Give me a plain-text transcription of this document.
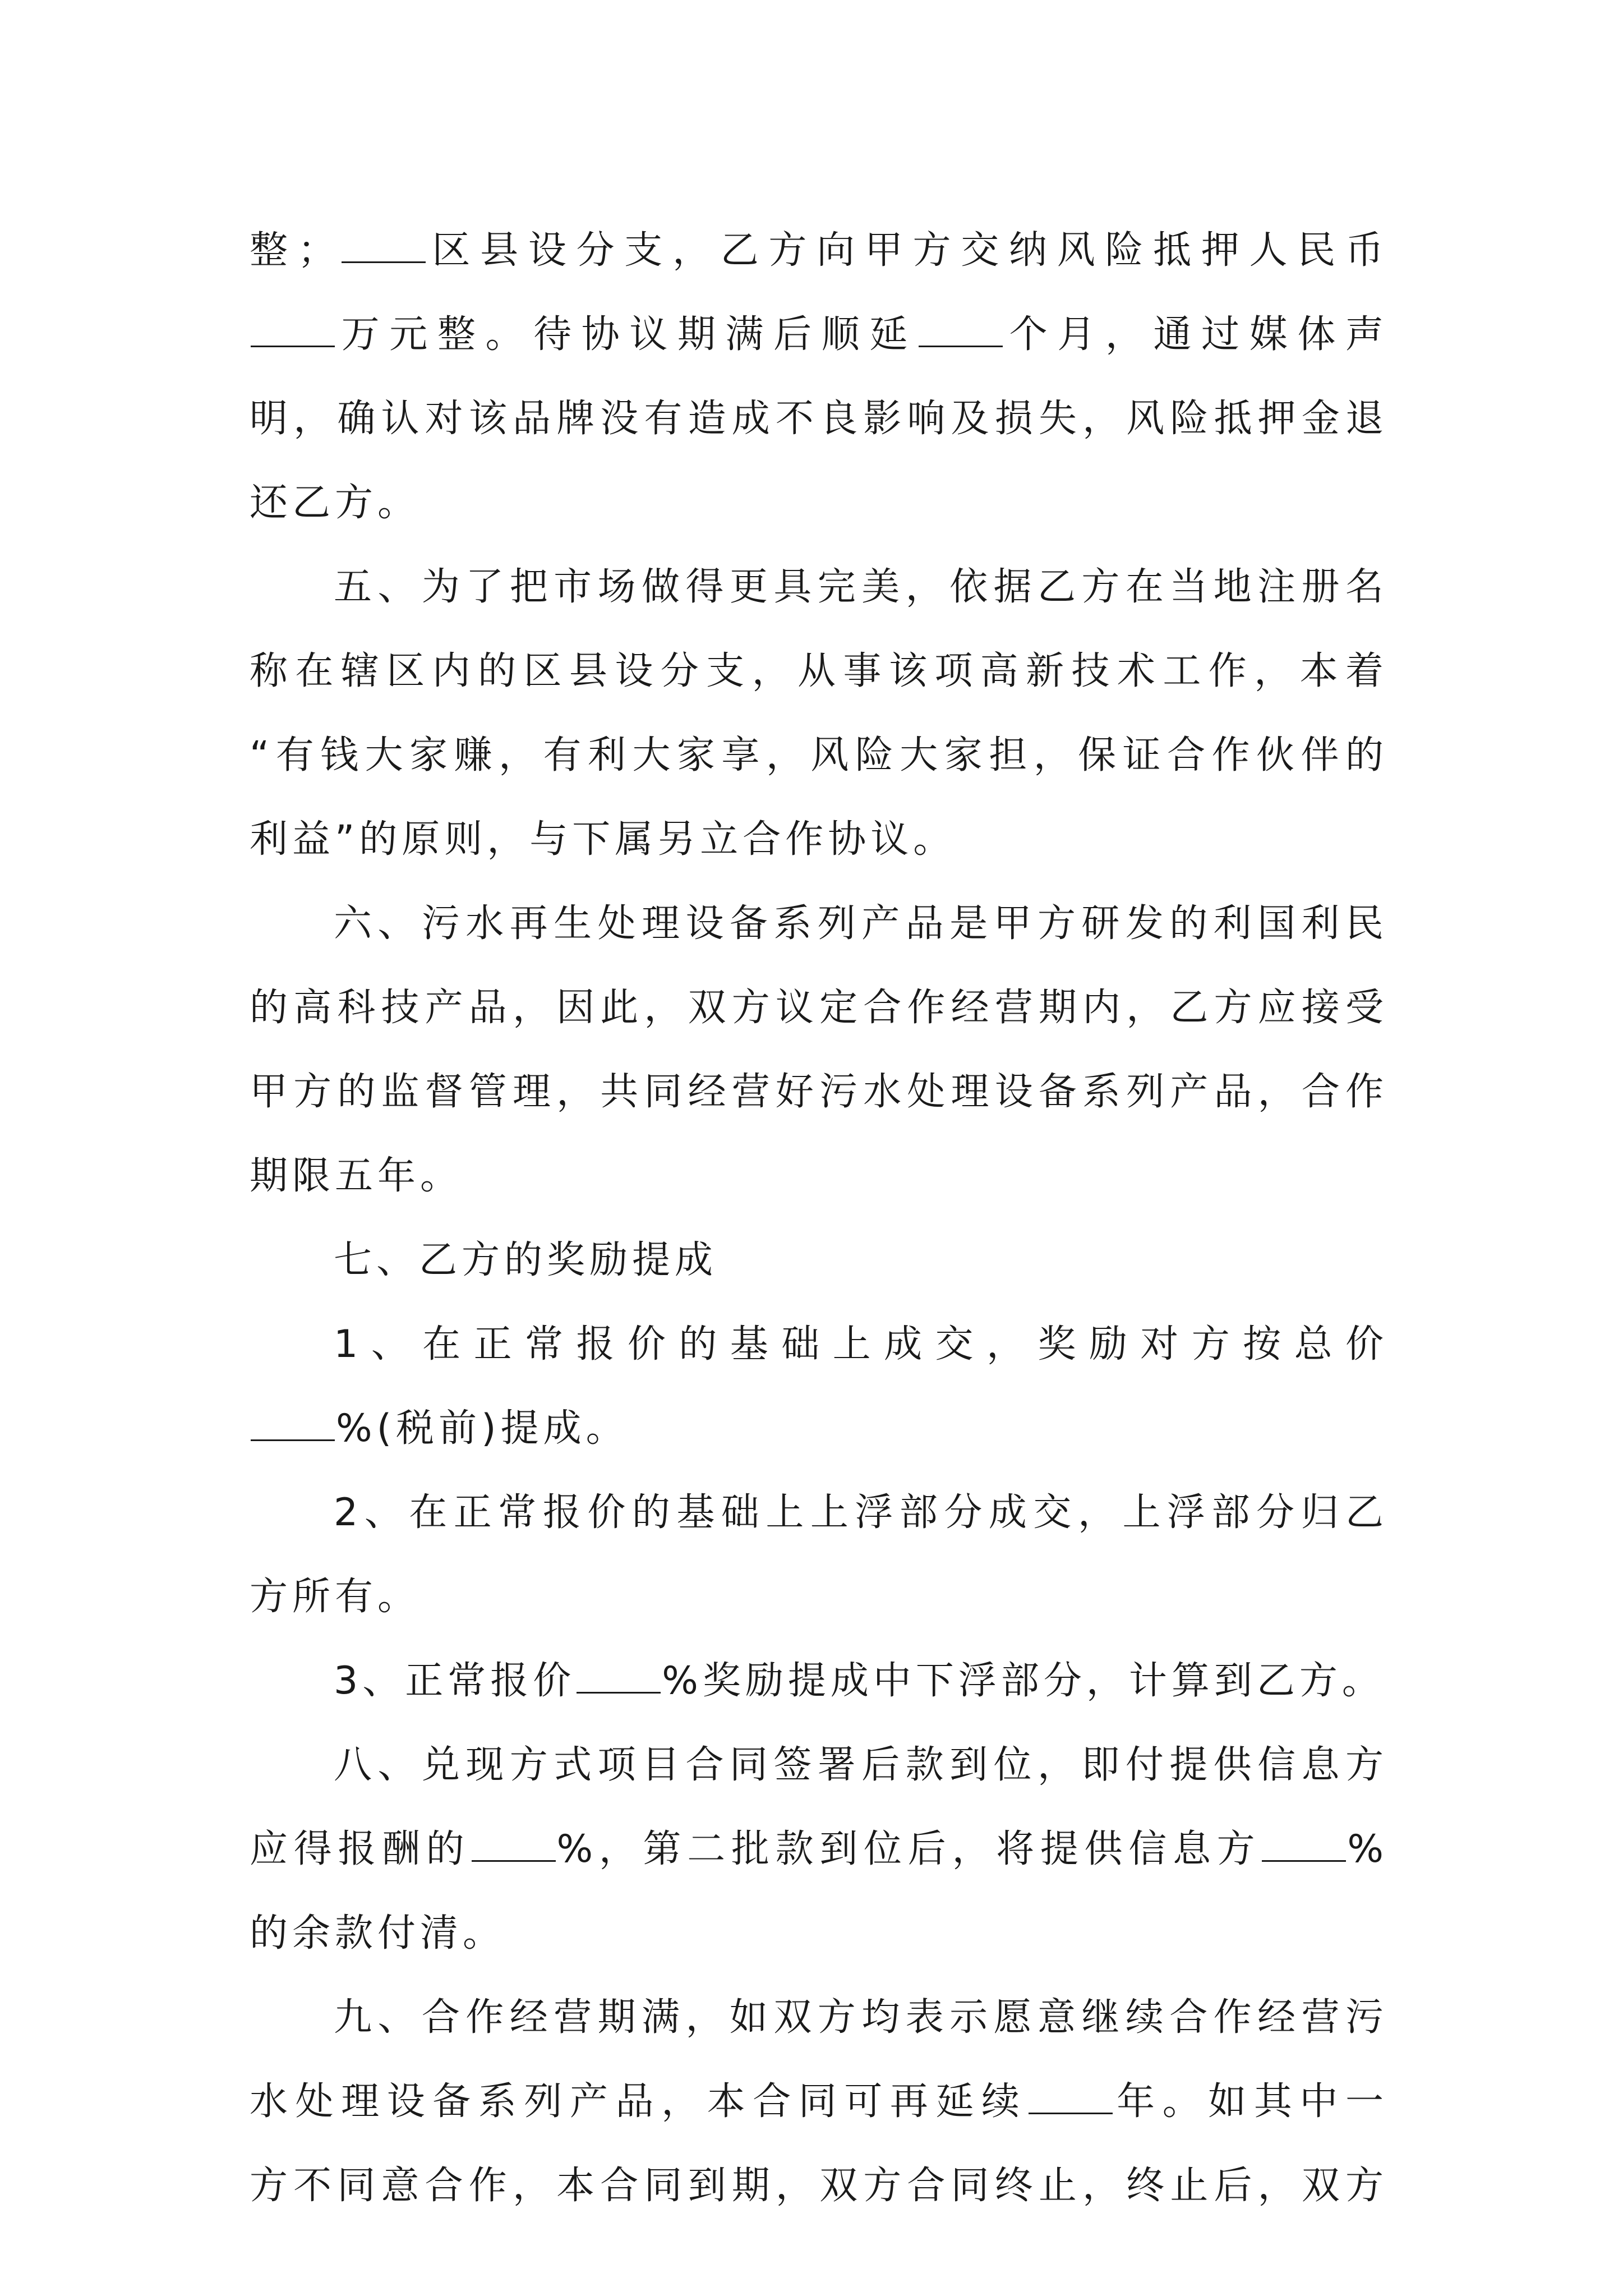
整； 区县设分支，乙方向甲方交纳风险抵押人民币
万元整。待协议期满后顺延 个月，通过媒体声
明，确认对该品牌没有造成不良影响及损失，风险抵押金退
还乙方。
五、为了把市场做得更具完美，依据乙方在当地注册名
称在辖区内的区县设分支，从事该项高新技术工作，本着
“有钱大家赚，有利大家享，风险大家担，保证合作伙伴的
利益”的原则，与下属另立合作协议。
六、污水再生处理设备系列产品是甲方研发的利国利民
的高科技产品，因此，双方议定合作经营期内，乙方应接受
甲方的监督管理，共同经营好污水处理设备系列产品，合作
期限五年。
七、乙方的奖励提成
1、在正常报价的基础上成交，奖励对方按总价
%(税前)提成。
2、在正常报价的基础上上浮部分成交，上浮部分归乙
方所有。
3、正常报价 %奖励提成中下浮部分，计算到乙方。
八、兑现方式项目合同签署后款到位，即付提供信息方
应得报酬的 %，第二批款到位后，将提供信息方 %
的余款付清。
九、合作经营期满，如双方均表示愿意继续合作经营污
水处理设备系列产品，本合同可再延续 年。如其中一
方不同意合作，本合同到期，双方合同终止，终止后，双方
